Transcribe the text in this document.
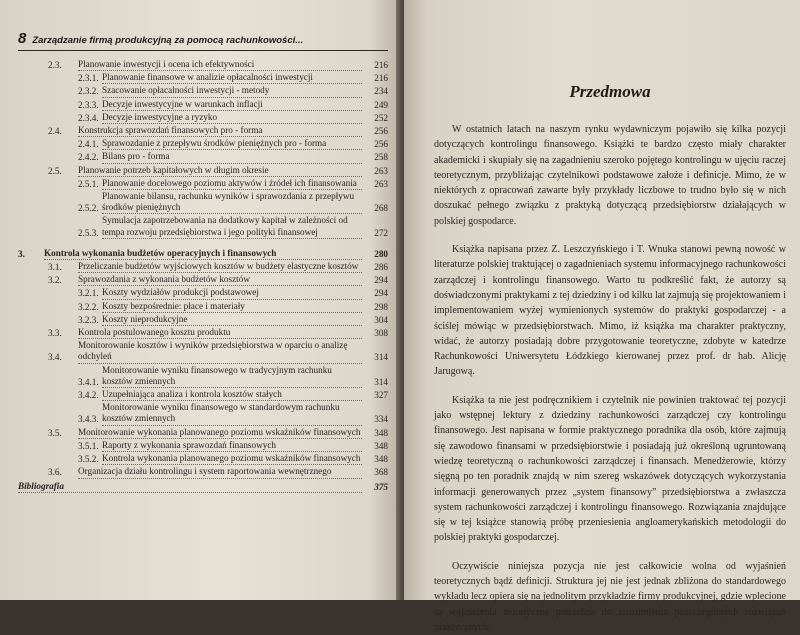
8 Zarządzanie firmą produkcyjną za pomocą rachunkowości...
2.3.	Planowanie inwestycji i ocena ich efektywności	216
2.3.1. Planowanie finansowe w analizie opłacalności inwestycji	216
2.3.2. Szacowanie opłacalności inwestycji - metody	234
2.3.3. Decyzje inwestycyjne w warunkach inflacji	249
2.3.4. Decyzje inwestycyjne a ryzyko	252
2.4.	Konstrukcja sprawozdań finansowych pro - forma	256
2.4.1. Sprawozdanie z przepływu środków pieniężnych pro - forma	256
2.4.2. Bilans pro - forma	258
2.5.	Planowanie potrzeb kapitałowych w długim okresie	263
2.5.1. Planowanie docelowego poziomu aktywów i źródeł ich finansowania	263
2.5.2.
Planowanie bilansu, rachunku wyników i sprawozdania z przepływu środków pieniężnych	268
2.5.3.
Symulacja zapotrzebowania na dodatkowy kapitał w zależności od tempa rozwoju przedsiębiorstwa i jego polityki finansowej	272
3.	Kontrola wykonania budżetów operacyjnych i finansowych	280
3.1.	Przeliczanie budżetów wyjściowych kosztów w budżety elastyczne kosztów	286
3.2.	Sprawozdania z wykonania budżetów kosztów	294
3.2.1. Koszty wydziałów produkcji podstawowej	294
3.2.2. Koszty bezpośrednie: płace i materiały	298
3.2.3. Koszty nieprodukcyjne	304
3.3.	Kontrola postulowanego kosztu produktu	308
3.4.
Monitorowanie kosztów i wyników przedsiębiorstwa w oparciu o analizę odchyleń	314
3.4.1.
Monitorowanie wyniku finansowego w tradycyjnym rachunku kosztów zmiennych	314
3.4.2. Uzupełniająca analiza i kontrola kosztów stałych	327
3.4.3.
Monitorowanie wyniku finansowego w standardowym rachunku kosztów zmiennych	334
3.5.	Monitorowanie wykonania planowanego poziomu wskaźników finansowych	348
3.5.1. Raporty z wykonania sprawozdań finansowych	348
3.5.2. Kontrola wykonania planowanego poziomu wskaźników finansowych	348
3.6.	Organizacja działu kontrolingu i system raportowania wewnętrznego	368
Bibliografia	375
Przedmowa

W ostatnich latach na naszym rynku wydawniczym pojawiło się kilka pozycji dotyczących kontrolingu finansowego. Książki te bardzo często miały charakter akademicki i skupiały się na zagadnieniu szeroko pojętego kontrolingu w ujęciu raczej teoretycznym, przybliżając czytelnikowi podstawowe założe i definicje. Mimo, że w niektórych z opracowań zawarte były przykłady liczbowe to trudno było się w nich doszukać pełnego związku z praktyką dotyczącą przedsiębiorstw działających w polskiej gospodarce.

Książka napisana przez Z. Leszczyńskiego i T. Wnuka stanowi pewną nowość w literaturze polskiej traktującej o zagadnieniach systemu informacyjnego rachunkowości zarządczej i kontrolingu finansowego. Warto tu podkreślić fakt, że autorzy są doświadczonymi praktykami z tej dziedziny i od kilku lat zajmują się projektowaniem i implementowaniem wyżej wymienionych systemów do praktyki gospodarczej - a ściślej mówiąc w przedsiębiorstwach. Mimo, iż książka ma charakter praktyczny, widać, że autorzy posiadają dobre przygotowanie teoretyczne, zdobyte w katedrze Rachunkowości Uniwersytetu Łódzkiego kierowanej przez prof. dr hab. Alicję Jarugową.

Książka ta nie jest podręcznikiem i czytelnik nie powinien traktować tej pozycji jako wstępnej lektury z dziedziny rachunkowości zarządczej czy kontrolingu finansowego. Jest napisana w formie praktycznego poradnika dla osób, które zajmują się zawodowo finansami w przedsiębiorstwie i posiadają już określoną ugruntowaną wiedzę teoretyczną o rachunkowości zarządczej i finansach. Menedżerowie, którzy sięgną po ten poradnik znajdą w nim szereg wskazówek dotyczących wykorzystania informacji generowanych przez „system finansowy” przedsiębiorstwa a zwłaszcza system rachunkowości zarządczej i kontrolingu finansowego. Rozwiązania znajdujące się w tej książce stanowią próbę przeniesienia angloamerykańskich metodologii do polskiej praktyki gospodarczej.

Oczywiście niniejsza pozycja nie jest całkowicie wolna od wyjaśnień teoretycznych bądź definicji. Struktura jej nie jest jednak zbliżona do standardowego wykładu lecz opiera się na jednolitym przykładzie firmy produkcyjnej, gdzie wplecione są wyjaśnienia teoretyczne potrzebne do zrozumienia poszczególnych rozwiązań praktycznych.
